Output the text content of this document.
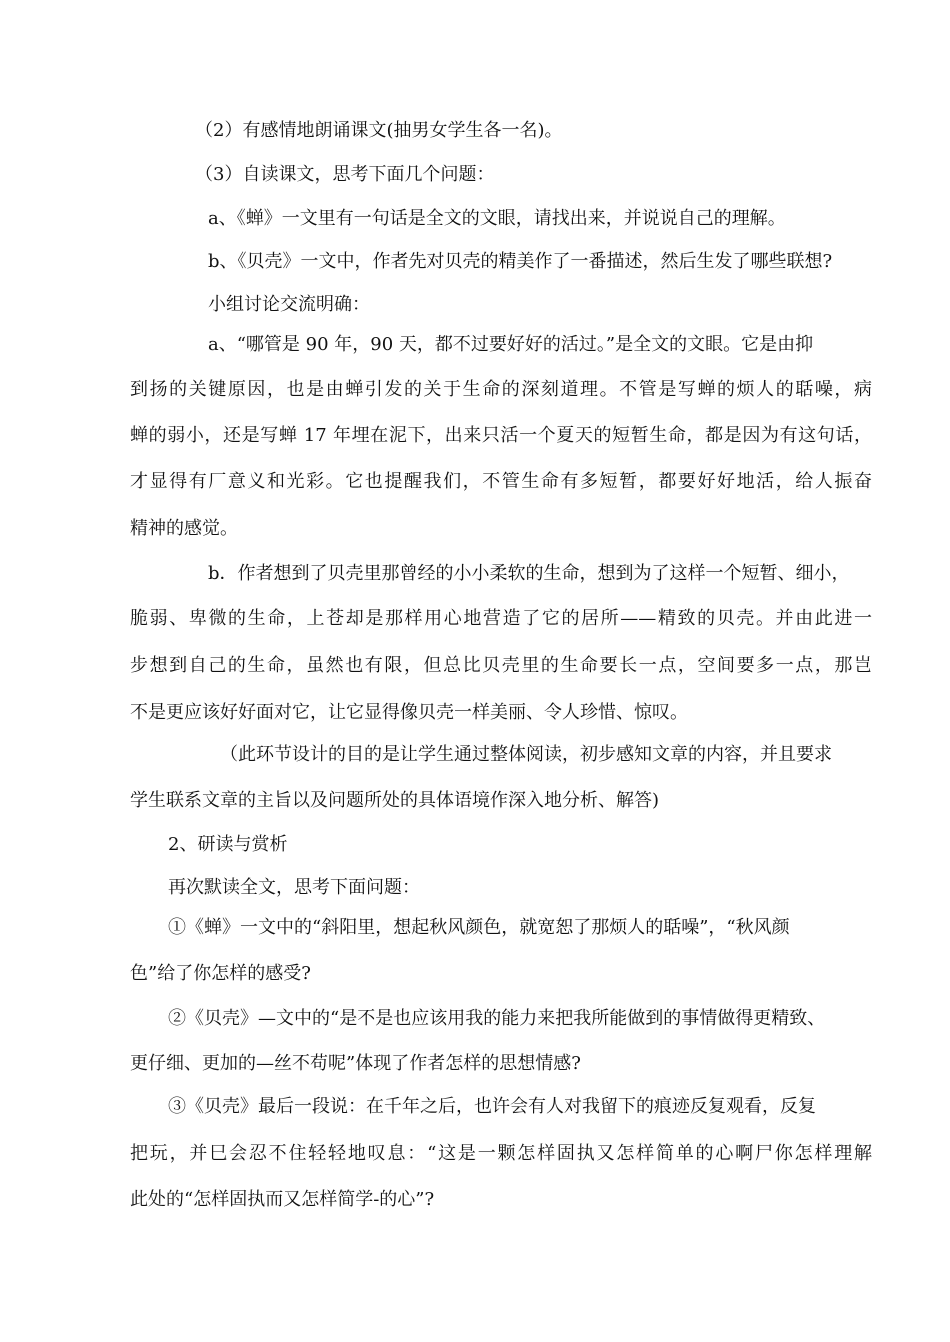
（2）有感情地朗诵课文(抽男女学生各一名)。
（3）自读课文，思考下面几个问题：
a、《蝉》一文里有一句话是全文的文眼，请找出来，并说说自己的理解。
b、《贝壳》一文中，作者先对贝壳的精美作了一番描述，然后生发了哪些联想?
小组讨论交流明确：
a、“哪管是 90 年，90 天，都不过要好好的活过。”是全文的文眼。它是由抑
到扬的关键原因，也是由蝉引发的关于生命的深刻道理。不管是写蝉的烦人的聒噪，病
蝉的弱小，还是写蝉 17 年埋在泥下，出来只活一个夏天的短暂生命，都是因为有这句话，
才显得有厂意义和光彩。它也提醒我们，不管生命有多短暂，都要好好地活，给人振奋
精神的感觉。
b．作者想到了贝壳里那曾经的小小柔软的生命，想到为了这样一个短暂、细小，
脆弱、卑微的生命，上苍却是那样用心地营造了它的居所——精致的贝壳。并由此进一
步想到自己的生命，虽然也有限，但总比贝壳里的生命要长一点，空间要多一点，那岂
不是更应该好好面对它，让它显得像贝壳一样美丽、令人珍惜、惊叹。
（此环节设计的目的是让学生通过整体阅读，初步感知文章的内容，并且要求
学生联系文章的主旨以及问题所处的具体语境作深入地分析、解答)
2、研读与赏析
再次默读全文，思考下面问题：
①《蝉》一文中的“斜阳里，想起秋风颜色，就宽恕了那烦人的聒噪”，“秋风颜
色”给了你怎样的感受?
②《贝壳》—文中的“是不是也应该用我的能力来把我所能做到的事情做得更精致、
更仔细、更加的—丝不苟呢”体现了作者怎样的思想情感?
③《贝壳》最后一段说：在千年之后，也许会有人对我留下的痕迹反复观看，反复
把玩，并巳会忍不住轻轻地叹息：“这是一颗怎样固执又怎样简单的心啊尸你怎样理解
此处的“怎样固执而又怎样简学-的心”?
